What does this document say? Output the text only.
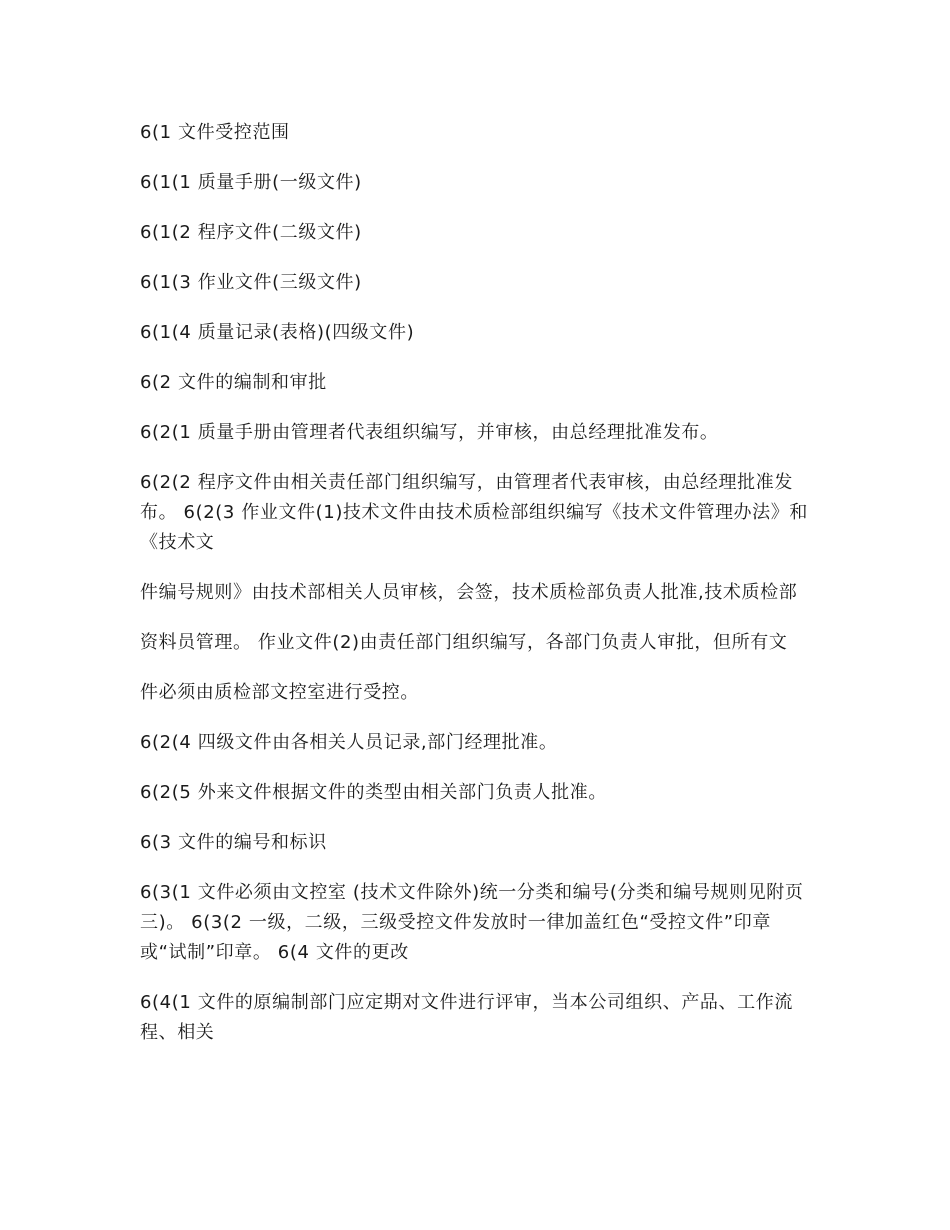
6(1 文件受控范围

6(1(1 质量手册(一级文件)

6(1(2 程序文件(二级文件)

6(1(3 作业文件(三级文件)

6(1(4 质量记录(表格)(四级文件)

6(2 文件的编制和审批

6(2(1 质量手册由管理者代表组织编写，并审核，由总经理批准发布。

6(2(2 程序文件由相关责任部门组织编写，由管理者代表审核，由总经理批准发布。 6(2(3 作业文件(1)技术文件由技术质检部组织编写《技术文件管理办法》和《技术文

件编号规则》由技术部相关人员审核，会签，技术质检部负责人批准,技术质检部

资料员管理。 作业文件(2)由责任部门组织编写，各部门负责人审批，但所有文

件必须由质检部文控室进行受控。

6(2(4 四级文件由各相关人员记录,部门经理批准。

6(2(5 外来文件根据文件的类型由相关部门负责人批准。

6(3 文件的编号和标识

6(3(1 文件必须由文控室 (技术文件除外)统一分类和编号(分类和编号规则见附页三)。 6(3(2 一级，二级，三级受控文件发放时一律加盖红色“受控文件”印章或“试制”印章。 6(4 文件的更改

6(4(1 文件的原编制部门应定期对文件进行评审，当本公司组织、产品、工作流程、相关
